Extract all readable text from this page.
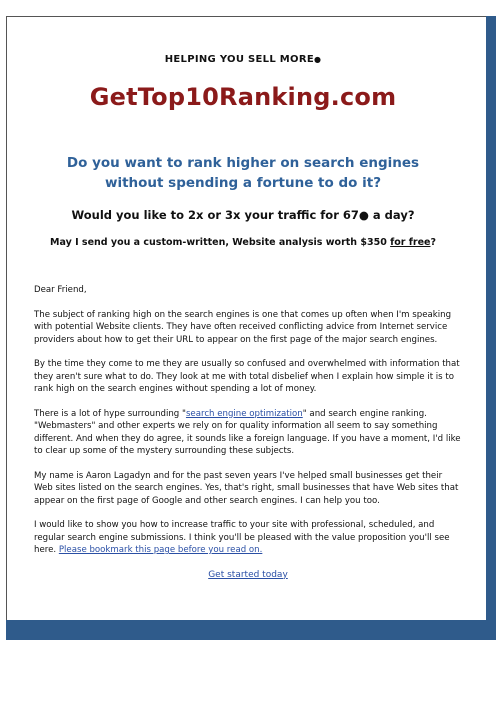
HELPING YOU SELL MORE●

GetTop10Ranking.com
Do you want to rank higher on search engines without spending a fortune to do it?

Would you like to 2x or 3x your traffic for 67● a day?

May I send you a custom-written, Website analysis worth $350 for free?

Dear Friend,

The subject of ranking high on the search engines is one that comes up often when I'm speaking with potential Website clients. They have often received conflicting advice from Internet service providers about how to get their URL to appear on the first page of the major search engines.

By the time they come to me they are usually so confused and overwhelmed with information that they aren't sure what to do. They look at me with total disbelief when I explain how simple it is to rank high on the search engines without spending a lot of money.

There is a lot of hype surrounding "search engine optimization" and search engine ranking. "Webmasters" and other experts we rely on for quality information all seem to say something different. And when they do agree, it sounds like a foreign language. If you have a moment, I'd like to clear up some of the mystery surrounding these subjects.

My name is Aaron Lagadyn and for the past seven years I've helped small businesses get their Web sites listed on the search engines. Yes, that's right, small businesses that have Web sites that appear on the first page of Google and other search engines. I can help you too.

I would like to show you how to increase traffic to your site with professional, scheduled, and regular search engine submissions. I think you'll be pleased with the value proposition you'll see here. Please bookmark this page before you read on.

Get started today
